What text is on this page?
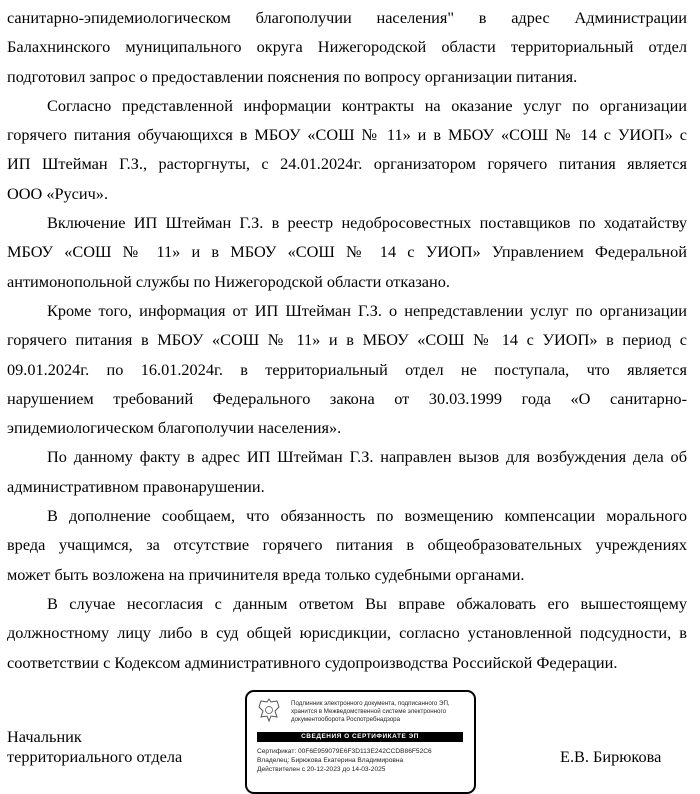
санитарно-эпидемиологическом благополучии населения" в адрес Администрации
Балахнинского муниципального округа Нижегородской области территориальный отдел
подготовил запрос о предоставлении пояснения по вопросу организации питания.
Согласно представленной информации контракты на оказание услуг по организации
горячего питания обучающихся в МБОУ «СОШ № 11» и в МБОУ «СОШ № 14 с УИОП» с
ИП Штейман Г.З., расторгнуты, с 24.01.2024г. организатором горячего питания является
ООО «Русич».
Включение ИП Штейман Г.З. в реестр недобросовестных поставщиков по ходатайству
МБОУ «СОШ № 11» и в МБОУ «СОШ № 14 с УИОП» Управлением Федеральной
антимонопольной службы по Нижегородской области отказано.
Кроме того, информация от ИП Штейман Г.З. о непредставлении услуг по организации
горячего питания в МБОУ «СОШ № 11» и в МБОУ «СОШ № 14 с УИОП» в период с
09.01.2024г. по 16.01.2024г. в территориальный отдел не поступала, что является
нарушением требований Федерального закона от 30.03.1999 года «О санитарно-
эпидемиологическом благополучии населения».
По данному факту в адрес ИП Штейман Г.З. направлен вызов для возбуждения дела об
административном правонарушении.
В дополнение сообщаем, что обязанность по возмещению компенсации морального
вреда учащимся, за отсутствие горячего питания в общеобразовательных учреждениях
может быть возложена на причинителя вреда только судебными органами.
В случае несогласия с данным ответом Вы вправе обжаловать его вышестоящему
должностному лицу либо в суд общей юрисдикции, согласно установленной подсудности, в
соответствии с Кодексом административного судопроизводства Российской Федерации.
Начальник
территориального отдела	Е.В. Бирюкова
Подлинник электронного документа, подписанного ЭП,
хранится в Межведомственной системе электронного
документооборота Роспотребнадзора
СВЕДЕНИЯ О СЕРТИФИКАТЕ ЭП
Сертификат: 00F6E959079E6F3D113E242CCDB86F52C6
Владелец: Бирюкова Екатерина Владимировна
Действителен с 20-12-2023 до 14-03-2025
